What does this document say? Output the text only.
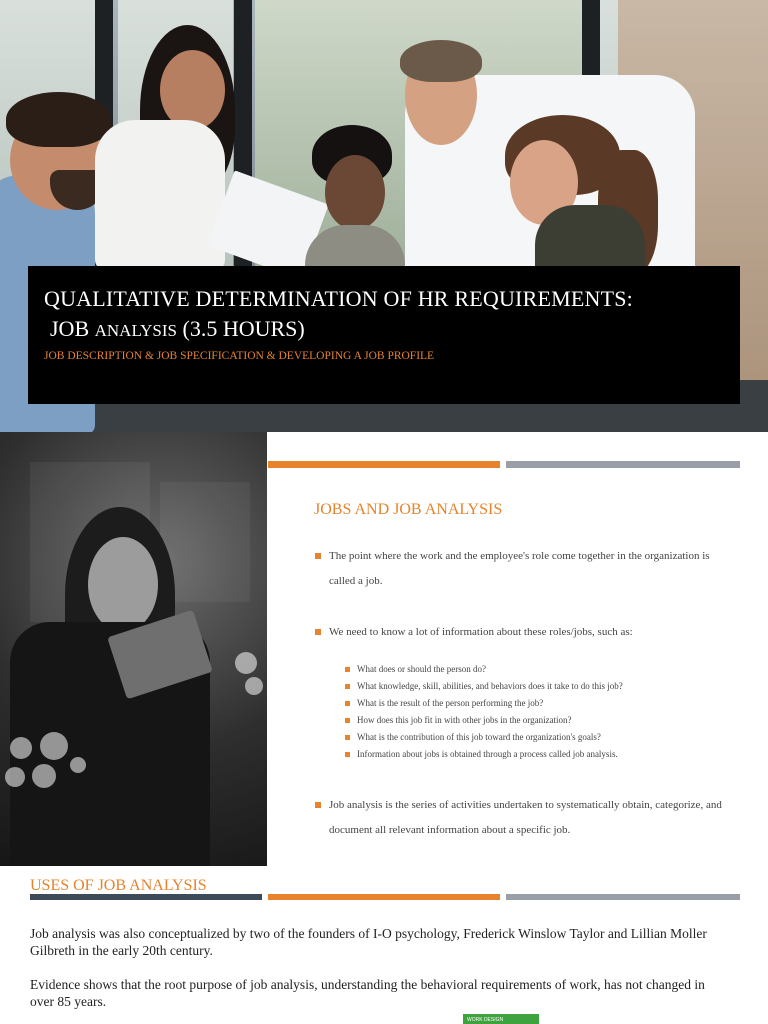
QUALITATIVE DETERMINATION OF HR REQUIREMENTS:
JOB ANALYSIS (3.5 HOURS)
JOB DESCRIPTION & JOB SPECIFICATION & DEVELOPING A JOB PROFILE
JOBS AND JOB ANALYSIS
The point where the work and the employee's role come together in the organization is called a job.
We need to know a lot of information about these roles/jobs, such as:
What does or should the person do?
What knowledge, skill, abilities, and behaviors does it take to do this job?
What is the result of the person performing the job?
How does this job fit in with other jobs in the organization?
What is the contribution of this job toward the organization's goals?
Information about jobs is obtained through a process called job analysis.
Job analysis is the series of activities undertaken to systematically obtain, categorize, and document all relevant information about a specific job.
USES OF JOB ANALYSIS

Job analysis was also conceptualized by two of the founders of I-O psychology, Frederick Winslow Taylor and Lillian Moller Gilbreth in the early 20th century.

Evidence shows that the root purpose of job analysis, understanding the behavioral requirements of work, has not changed in over 85 years.

WORK DESIGN
